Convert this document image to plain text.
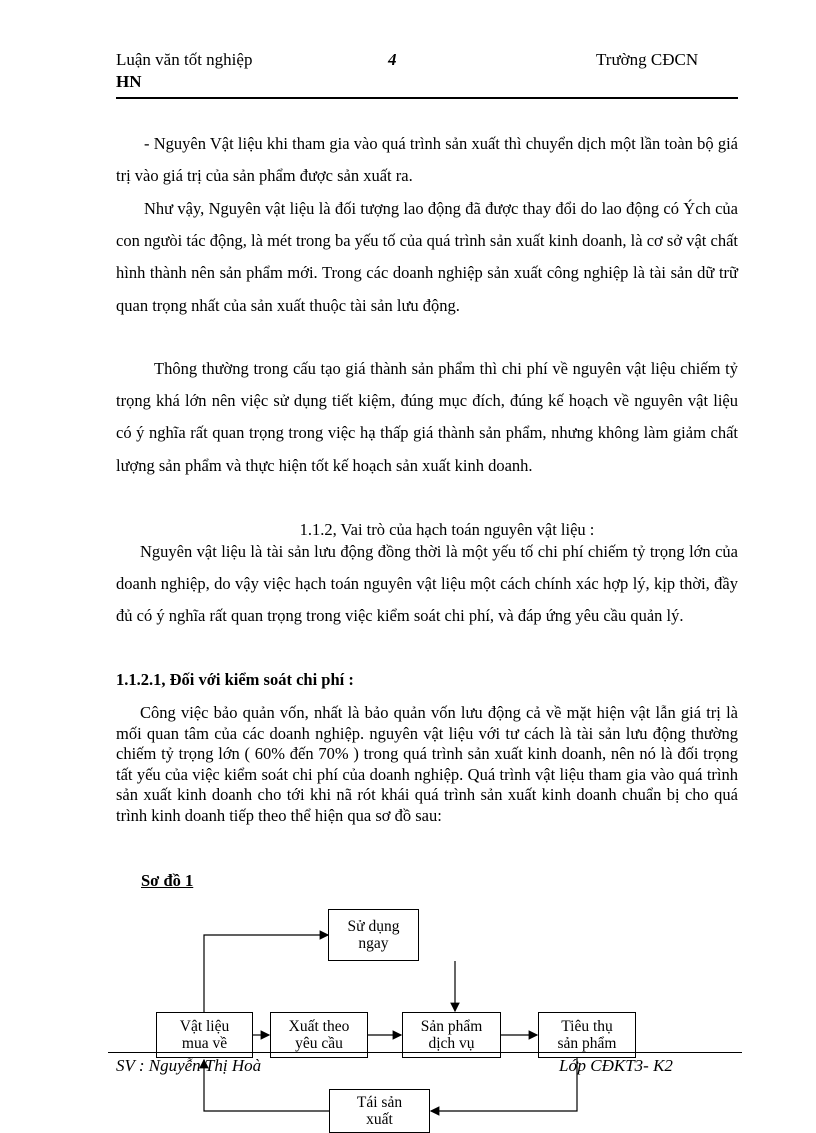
Luận văn tốt nghiệp
HN
4	Trường CĐCN

- Nguyên Vật liệu khi tham gia vào quá trình sản xuất thì chuyển dịch một lần toàn bộ giá trị vào giá trị của sản phẩm được sản xuất ra.

Như vậy, Nguyên vật liệu là đối tượng lao động đã được thay đổi do lao động có Ých của con ngưòi tác động, là mét trong ba yếu tố của quá trình sản xuất kinh doanh, là cơ sở vật chất hình thành nên sản phẩm mới. Trong các doanh nghiệp sản xuất công nghiệp là tài sản dữ trữ quan trọng nhất của sản xuất thuộc tài sản lưu động.

Thông thường trong cấu tạo giá thành sản phẩm thì chi phí về nguyên vật liệu chiếm tỷ trọng khá lớn nên việc sử dụng tiết kiệm, đúng mục đích, đúng kế hoạch về nguyên vật liệu có ý nghĩa rất quan trọng trong việc hạ thấp giá thành sản phẩm, nhưng không làm giảm chất lượng sản phẩm và thực hiện tốt kế hoạch sản xuất kinh doanh.

1.1.2, Vai trò của hạch toán nguyên vật liệu :

Nguyên vật liệu là tài sản lưu động đồng thời là một yếu tố chi phí chiếm tỷ trọng lớn của doanh nghiệp, do vậy việc hạch toán nguyên vật liệu một cách chính xác hợp lý, kịp thời, đầy đủ có ý nghĩa rất quan trọng trong việc kiểm soát chi phí, và đáp ứng yêu cầu quản lý.

1.1.2.1, Đối với kiểm soát chi phí :

Công việc bảo quản vốn, nhất là bảo quản vốn lưu động cả về mặt hiện vật lẫn giá trị là mối quan tâm của các doanh nghiệp. nguyên vật liệu với tư cách là tài sản lưu động thường chiếm tỷ trọng lớn ( 60% đến 70% ) trong quá trình sản xuất kinh doanh, nên nó là đối trọng tất yếu của việc kiểm soát chi phí của doanh nghiệp. Quá trình vật liệu tham gia vào quá trình sản xuất kinh doanh cho tới khi nã rót khái quá trình sản xuất kinh doanh chuẩn bị cho quá trình kinh doanh tiếp theo thể hiện qua sơ đồ sau:

Sơ đồ 1
Sử dụng
ngay
Vật liệu
mua về
Xuất theo
yêu cầu
Sản phẩm
dịch vụ
Tiêu thụ
sản phẩm
SV : Nguyễn Thị Hoà	Lớp CĐKT3- K2
Tái sản
xuất
